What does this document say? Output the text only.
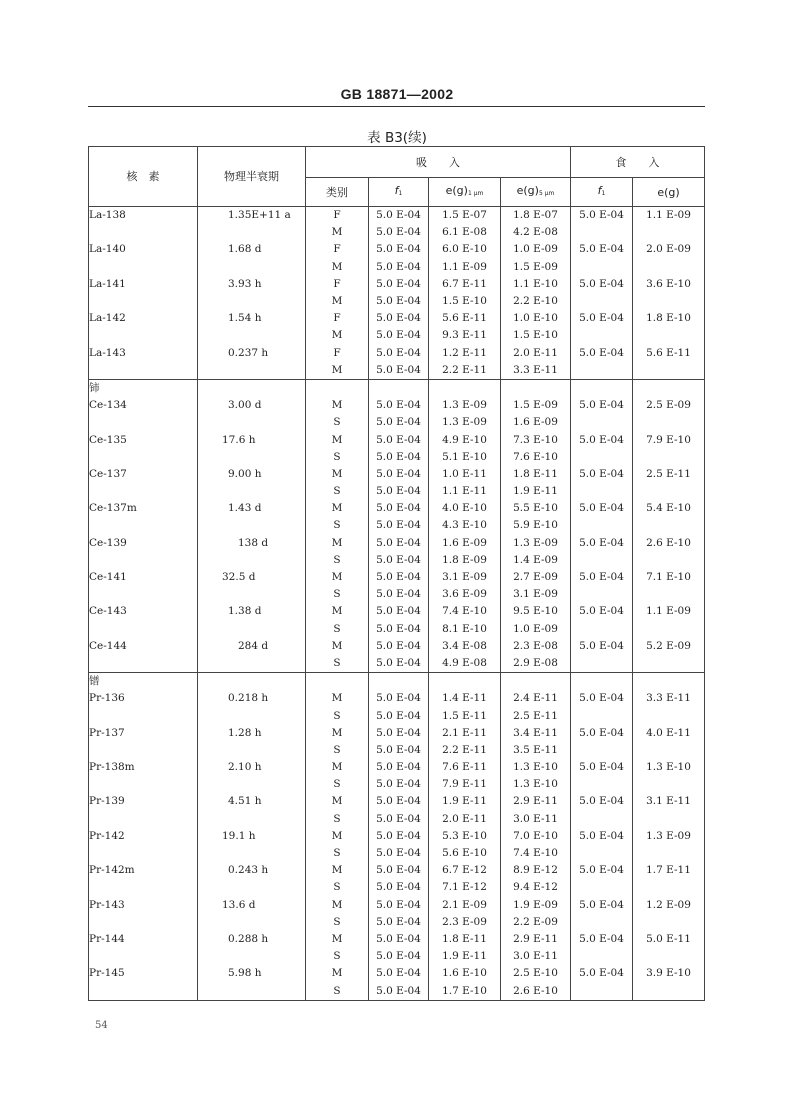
GB 18871—2002
表 B3(续)
核　素	物理半衰期	吸　　入				食　　入	
		类别	f1	e(g)1 μm	e(g)5 μm	f1	e(g)
La-138	1.35E+11 a	F	5.0 E-04	1.5 E-07	1.8 E-07	5.0 E-04	1.1 E-09
		M	5.0 E-04	6.1 E-08	4.2 E-08		
La-140	1.68 d	F	5.0 E-04	6.0 E-10	1.0 E-09	5.0 E-04	2.0 E-09
		M	5.0 E-04	1.1 E-09	1.5 E-09		
La-141	3.93 h	F	5.0 E-04	6.7 E-11	1.1 E-10	5.0 E-04	3.6 E-10
		M	5.0 E-04	1.5 E-10	2.2 E-10		
La-142	1.54 h	F	5.0 E-04	5.6 E-11	1.0 E-10	5.0 E-04	1.8 E-10
		M	5.0 E-04	9.3 E-11	1.5 E-10		
La-143	0.237 h	F	5.0 E-04	1.2 E-11	2.0 E-11	5.0 E-04	5.6 E-11
		M	5.0 E-04	2.2 E-11	3.3 E-11		
铈							
Ce-134	3.00 d	M	5.0 E-04	1.3 E-09	1.5 E-09	5.0 E-04	2.5 E-09
		S	5.0 E-04	1.3 E-09	1.6 E-09		
Ce-135	17.6 h	M	5.0 E-04	4.9 E-10	7.3 E-10	5.0 E-04	7.9 E-10
		S	5.0 E-04	5.1 E-10	7.6 E-10		
Ce-137	9.00 h	M	5.0 E-04	1.0 E-11	1.8 E-11	5.0 E-04	2.5 E-11
		S	5.0 E-04	1.1 E-11	1.9 E-11		
Ce-137m	1.43 d	M	5.0 E-04	4.0 E-10	5.5 E-10	5.0 E-04	5.4 E-10
		S	5.0 E-04	4.3 E-10	5.9 E-10		
Ce-139	138 d	M	5.0 E-04	1.6 E-09	1.3 E-09	5.0 E-04	2.6 E-10
		S	5.0 E-04	1.8 E-09	1.4 E-09		
Ce-141	32.5 d	M	5.0 E-04	3.1 E-09	2.7 E-09	5.0 E-04	7.1 E-10
		S	5.0 E-04	3.6 E-09	3.1 E-09		
Ce-143	1.38 d	M	5.0 E-04	7.4 E-10	9.5 E-10	5.0 E-04	1.1 E-09
		S	5.0 E-04	8.1 E-10	1.0 E-09		
Ce-144	284 d	M	5.0 E-04	3.4 E-08	2.3 E-08	5.0 E-04	5.2 E-09
		S	5.0 E-04	4.9 E-08	2.9 E-08		
镨							
Pr-136	0.218 h	M	5.0 E-04	1.4 E-11	2.4 E-11	5.0 E-04	3.3 E-11
		S	5.0 E-04	1.5 E-11	2.5 E-11		
Pr-137	1.28 h	M	5.0 E-04	2.1 E-11	3.4 E-11	5.0 E-04	4.0 E-11
		S	5.0 E-04	2.2 E-11	3.5 E-11		
Pr-138m	2.10 h	M	5.0 E-04	7.6 E-11	1.3 E-10	5.0 E-04	1.3 E-10
		S	5.0 E-04	7.9 E-11	1.3 E-10		
Pr-139	4.51 h	M	5.0 E-04	1.9 E-11	2.9 E-11	5.0 E-04	3.1 E-11
		S	5.0 E-04	2.0 E-11	3.0 E-11		
Pr-142	19.1 h	M	5.0 E-04	5.3 E-10	7.0 E-10	5.0 E-04	1.3 E-09
		S	5.0 E-04	5.6 E-10	7.4 E-10		
Pr-142m	0.243 h	M	5.0 E-04	6.7 E-12	8.9 E-12	5.0 E-04	1.7 E-11
		S	5.0 E-04	7.1 E-12	9.4 E-12		
Pr-143	13.6 d	M	5.0 E-04	2.1 E-09	1.9 E-09	5.0 E-04	1.2 E-09
		S	5.0 E-04	2.3 E-09	2.2 E-09		
Pr-144	0.288 h	M	5.0 E-04	1.8 E-11	2.9 E-11	5.0 E-04	5.0 E-11
		S	5.0 E-04	1.9 E-11	3.0 E-11		
Pr-145	5.98 h	M	5.0 E-04	1.6 E-10	2.5 E-10	5.0 E-04	3.9 E-10
		S	5.0 E-04	1.7 E-10	2.6 E-10		
54
